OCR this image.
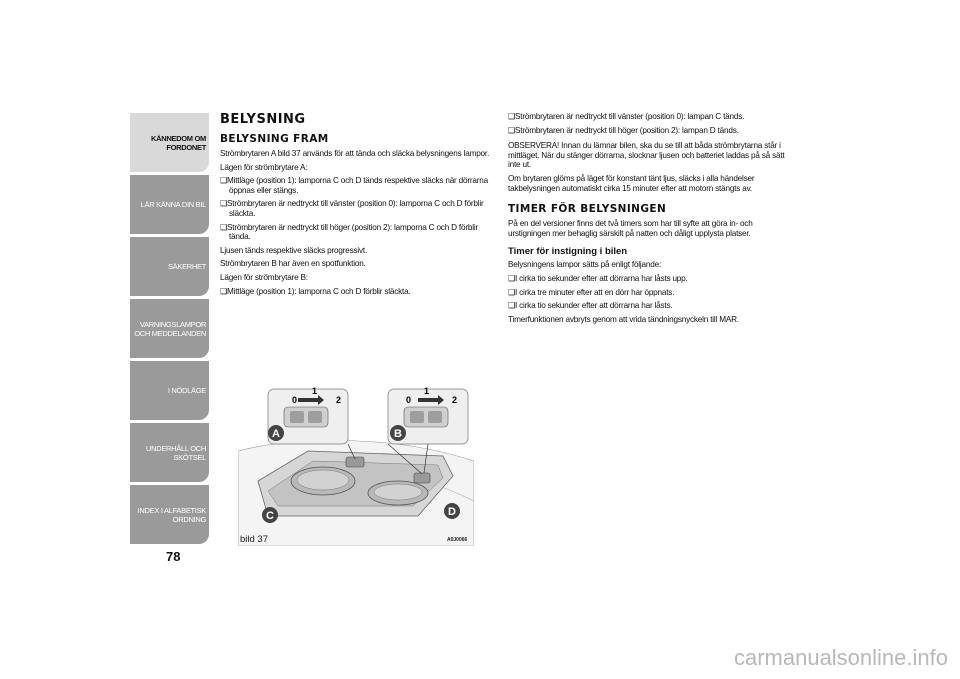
KÄNNEDOM OM
FORDONET
LÄR KÄNNA DIN BIL
SÄKERHET
VARNINGSLAMPOR
OCH MEDDELANDEN
I NÖDLÄGE
UNDERHÅLL OCH
SKÖTSEL
INDEX I ALFABETISK
ORDNING
78
BELYSNING
BELYSNING FRAM

Strömbrytaren A bild 37 används för att tända och släcka belysningens lampor.

Lägen för strömbrytare A:

❑ Mittläge (position 1): lamporna C och D tänds respektive släcks när dörrarna öppnas eller stängs.

❑ Strömbrytaren är nedtryckt till vänster (position 0): lamporna C och D förblir släckta.

❑ Strömbrytaren är nedtryckt till höger (position 2): lamporna C och D förblir tända.

Ljusen tänds respektive släcks progressivt.

Strömbrytaren B har även en spotfunktion.

Lägen för strömbrytare B:

❑ Mittläge (position 1): lamporna C och D förblir släckta.

0
1
2	0
1
2
A	B
C	D
bild 37	A0J0066

❑ Strömbrytaren är nedtryckt till vänster (position 0): lampan C tänds.

❑ Strömbrytaren är nedtryckt till höger (position 2): lampan D tänds.

OBSERVERA! Innan du lämnar bilen, ska du se till att båda strömbrytarna står i mittläget. När du stänger dörrarna, slocknar ljusen och batteriet laddas på så sätt inte ut.

Om brytaren glöms på läget för konstant tänt ljus, släcks i alla händelser takbelysningen automatiskt cirka 15 minuter efter att motorn stängts av.

TIMER FÖR BELYSNINGEN

På en del versioner finns det två timers som har till syfte att göra in- och urstigningen mer behaglig särskilt på natten och dåligt upplysta platser.

Timer för instigning i bilen

Belysningens lampor sätts på enligt följande:

❑ I cirka tio sekunder efter att dörrarna har låsts upp.

❑ I cirka tre minuter efter att en dörr har öppnats.

❑ I cirka tio sekunder efter att dörrarna har låsts.

Timerfunktionen avbryts genom att vrida tändningsnyckeln till MAR.

carmanualsonline.info
